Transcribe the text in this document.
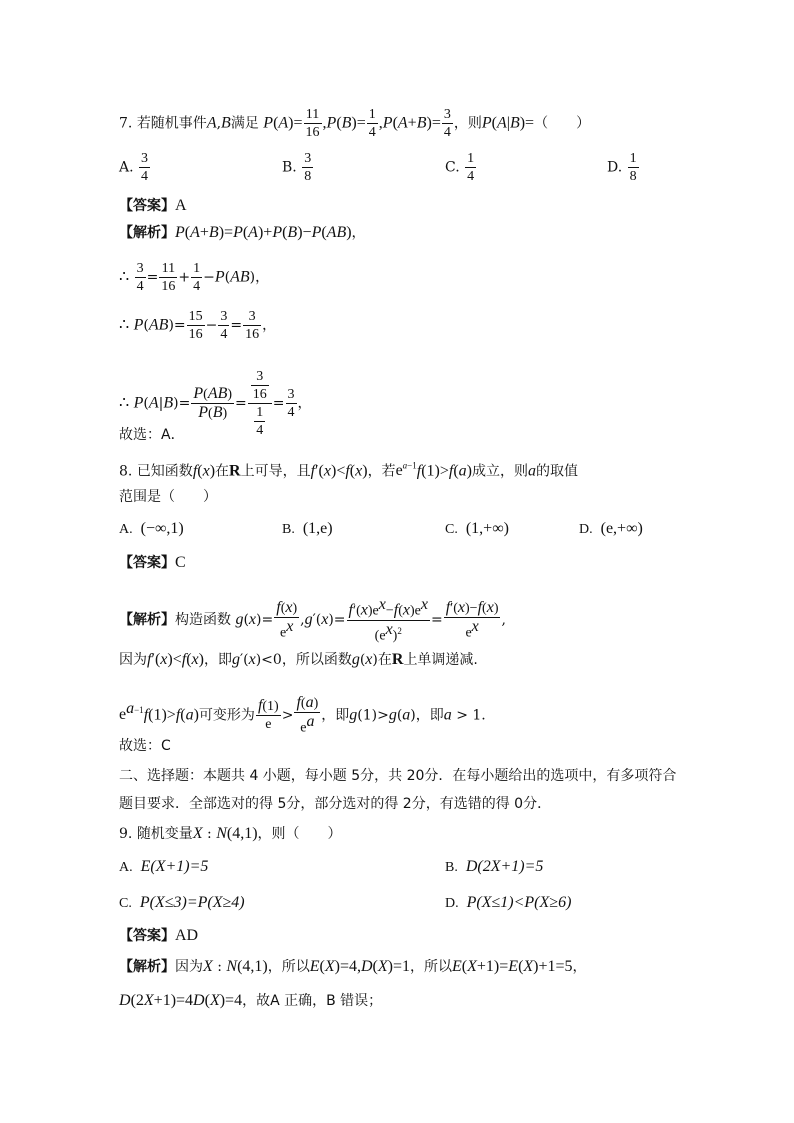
7. 若随机事件A,B满足 $P(A)= \frac{11}{16} ,P(B)= \frac{1}{4} ,P(A+B)= \frac{3}{4}$ ，则P(A|B)=（　　）
A. $\frac{3}{4}$	B. $\frac{3}{8}$	C. $\frac{1}{4}$	D. $\frac{1}{8}$
【答案】A
【解析】P(A+B)=P(A)+P(B)−P(AB)，
∴ $\frac{3}{4} = \frac{11}{16} + \frac{1}{4} -P(AB)$，
∴ $P(AB)= \frac{15}{16} - \frac{3}{4} = \frac{3}{16}$ ，
∴ $P(A|B)= \frac{P(AB)}{P(B)} = \frac{\frac{3}{16}}{\frac{1}{4}} = \frac{3}{4}$ ，
故选：A．
8. 已知函数f(x)在R上可导，且f′(x)<f(x)，若$e^{a-1}f(1)>f(a)$成立，则a的取值
范围是（　　）
A. (−∞,1)	B. (1,e)	C. (1,+∞)	D. (e,+∞)
【答案】C
【解析】构造函数 $g(x)= \frac{f(x)}{e^x} ,g'(x)= \frac{f'(x)e^x-f(x)e^x}{(e^x)^2} = \frac{f'(x)-f(x)}{e^x}$ ,
因为f′(x)<f(x)，即g′(x)<0，所以函数g(x)在R上单调递减.
$e^{a-1}f(1)>f(a)$可变形为 $\frac{f(1)}{e} > \frac{f(a)}{e^a}$ ，即g(1)>g(a)，即a > 1.
故选：C
二、选择题：本题共 4 小题，每小题 5分，共 20分．在每小题给出的选项中，有多项符合
题目要求．全部选对的得 5分，部分选对的得 2分，有选错的得 0分．
9. 随机变量X : N(4,1)，则（　　）
A. E(X+1)=5	B. D(2X+1)=5
C. P(X≤3)=P(X≥4)	D. P(X≤1)<P(X≥6)
【答案】AD
【解析】因为X : N(4,1)，所以E(X)=4,D(X)=1，所以E(X+1)=E(X)+1=5，
D(2X+1)=4D(X)=4，故A 正确，B 错误；
